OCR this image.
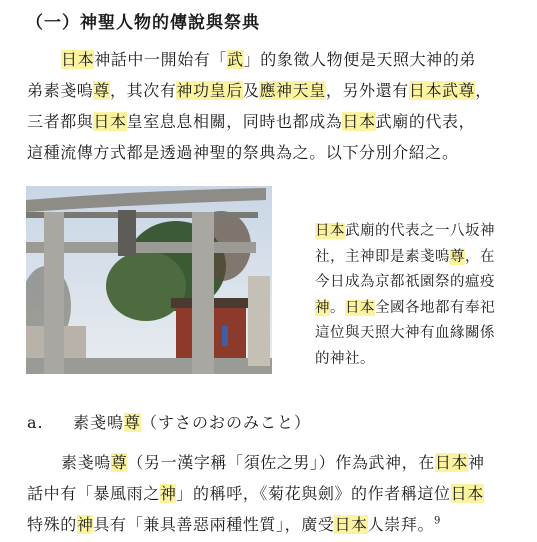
（一）神聖人物的傳說與祭典

日本神話中一開始有「武」的象徵人物便是天照大神的弟
弟素戔嗚尊，其次有神功皇后及應神天皇，另外還有日本武尊，
三者都與日本皇室息息相關，同時也都成為日本武廟的代表，
這種流傳方式都是透過神聖的祭典為之。以下分別介紹之。

日本武廟的代表之一八坂神
社，主神即是素戔嗚尊，在
今日成為京都祇園祭的瘟疫
神。日本全國各地都有奉祀
這位與天照大神有血緣關係
的神社。
a. 素戔嗚尊（すさのおのみこと）

素戔嗚尊（另一漢字稱「須佐之男」）作為武神，在日本神
話中有「暴風雨之神」的稱呼，《菊花與劍》的作者稱這位日本
特殊的神具有「兼具善惡兩種性質」，廣受日本人崇拜。$^9$
